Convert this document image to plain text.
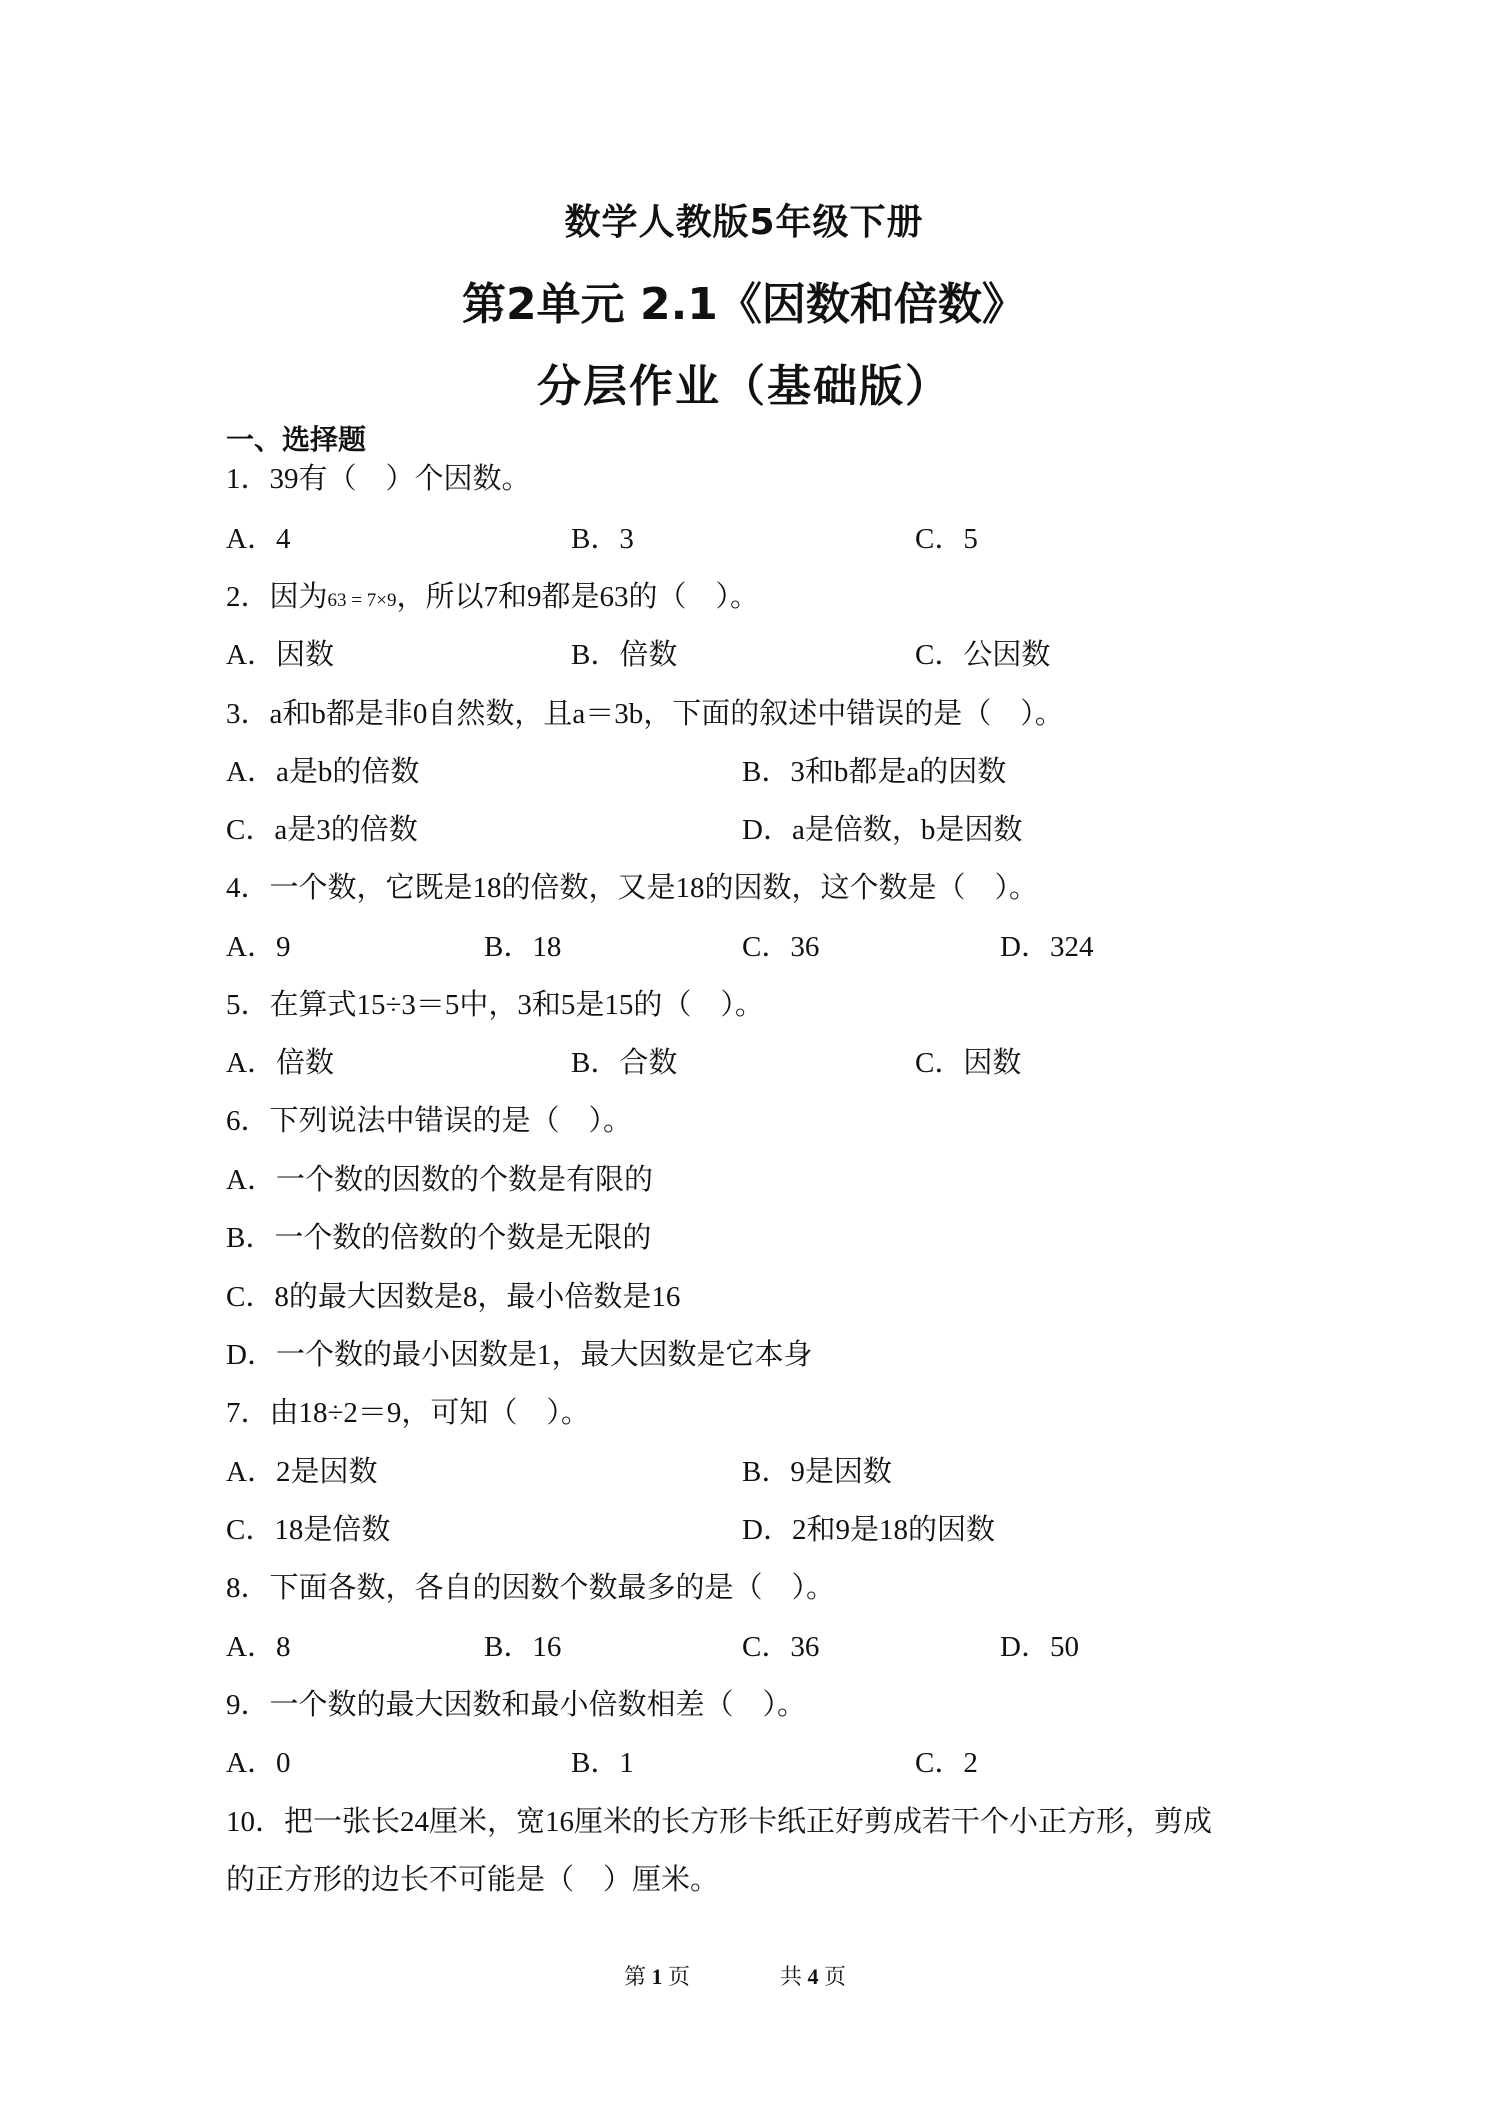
数学人教版5年级下册
第2单元 2.1《因数和倍数》
分层作业（基础版）
一、选择题
1．39有（　）个因数。
A．4	B．3	C．5
2．因为63 = 7×9，所以7和9都是63的（　）。
A．因数	B．倍数	C．公因数
3．a和b都是非0自然数，且a＝3b，下面的叙述中错误的是（　）。
A．a是b的倍数	B．3和b都是a的因数
C．a是3的倍数	D．a是倍数，b是因数
4．一个数，它既是18的倍数，又是18的因数，这个数是（　）。
A．9	B．18	C．36	D．324
5．在算式15÷3＝5中，3和5是15的（　）。
A．倍数	B．合数	C．因数
6．下列说法中错误的是（　）。
A．一个数的因数的个数是有限的
B．一个数的倍数的个数是无限的
C．8的最大因数是8，最小倍数是16
D．一个数的最小因数是1，最大因数是它本身
7．由18÷2＝9，可知（　）。
A．2是因数	B．9是因数
C．18是倍数	D．2和9是18的因数
8．下面各数，各自的因数个数最多的是（　）。
A．8	B．16	C．36	D．50
9．一个数的最大因数和最小倍数相差（　）。
A．0	B．1	C．2
10．把一张长24厘米，宽16厘米的长方形卡纸正好剪成若干个小正方形，剪成
的正方形的边长不可能是（　）厘米。
第 1 页	共 4 页
